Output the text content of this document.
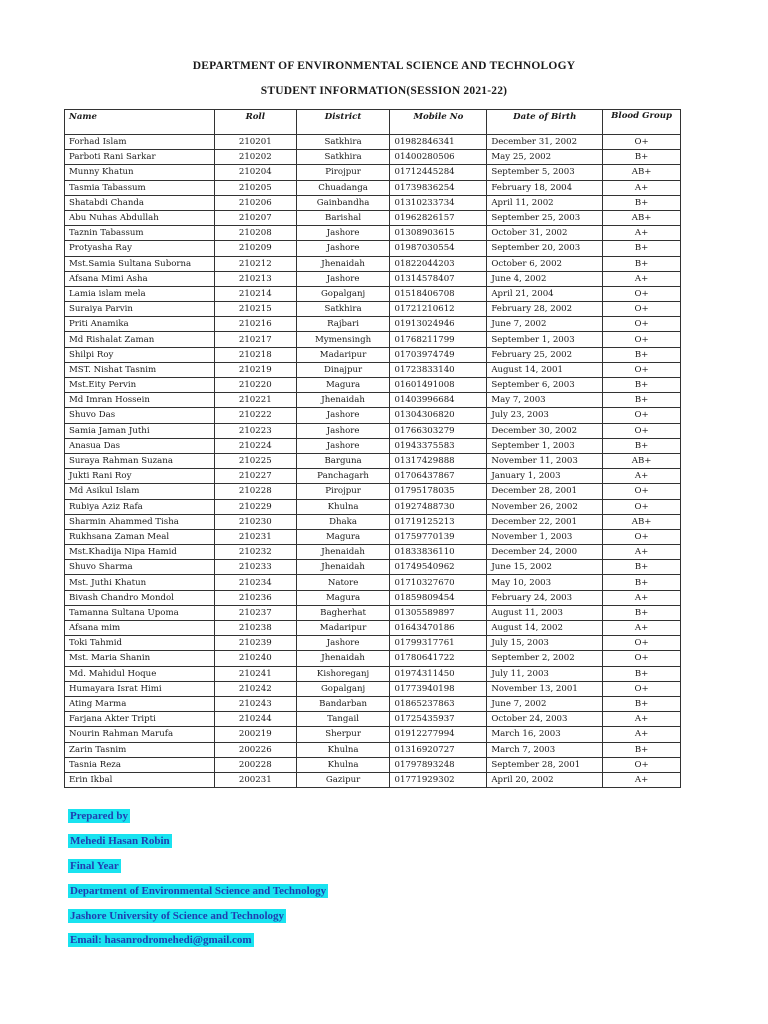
DEPARTMENT OF ENVIRONMENTAL SCIENCE AND TECHNOLOGY
STUDENT INFORMATION(SESSION 2021-22)
Name	Roll	District	Mobile No	Date of Birth	Blood Group
Forhad Islam	210201	Satkhira	01982846341	December 31, 2002	O+
Parboti Rani Sarkar	210202	Satkhira	01400280506	May 25, 2002	B+
Munny Khatun	210204	Pirojpur	01712445284	September 5, 2003	AB+
Tasmia Tabassum	210205	Chuadanga	01739836254	February 18, 2004	A+
Shatabdi Chanda	210206	Gainbandha	01310233734	April 11, 2002	B+
Abu Nuhas Abdullah	210207	Barishal	01962826157	September 25, 2003	AB+
Taznin Tabassum	210208	Jashore	01308903615	October 31, 2002	A+
Protyasha Ray	210209	Jashore	01987030554	September 20, 2003	B+
Mst.Samia Sultana Suborna	210212	Jhenaidah	01822044203	October 6, 2002	B+
Afsana Mimi Asha	210213	Jashore	01314578407	June 4, 2002	A+
Lamia islam mela	210214	Gopalganj	01518406708	April 21, 2004	O+
Suraiya Parvin	210215	Satkhira	01721210612	February 28, 2002	O+
Priti Anamika	210216	Rajbari	01913024946	June 7, 2002	O+
Md Rishalat Zaman	210217	Mymensingh	01768211799	September 1, 2003	O+
Shilpi Roy	210218	Madaripur	01703974749	February 25, 2002	B+
MST. Nishat Tasnim	210219	Dinajpur	01723833140	August 14, 2001	O+
Mst.Eity Pervin	210220	Magura	01601491008	September 6, 2003	B+
Md Imran Hossein	210221	Jhenaidah	01403996684	May 7, 2003	B+
Shuvo Das	210222	Jashore	01304306820	July 23, 2003	O+
Samia Jaman Juthi	210223	Jashore	01766303279	December 30, 2002	O+
Anasua Das	210224	Jashore	01943375583	September 1, 2003	B+
Suraya Rahman Suzana	210225	Barguna	01317429888	November 11, 2003	AB+
Jukti Rani Roy	210227	Panchagarh	01706437867	January 1, 2003	A+
Md Asikul Islam	210228	Pirojpur	01795178035	December 28, 2001	O+
Rubiya Aziz Rafa	210229	Khulna	01927488730	November 26, 2002	O+
Sharmin Ahammed Tisha	210230	Dhaka	01719125213	December 22, 2001	AB+
Rukhsana Zaman Meal	210231	Magura	01759770139	November 1, 2003	O+
Mst.Khadija Nipa Hamid	210232	Jhenaidah	01833836110	December 24, 2000	A+
Shuvo Sharma	210233	Jhenaidah	01749540962	June 15, 2002	B+
Mst. Juthi Khatun	210234	Natore	01710327670	May 10, 2003	B+
Bivash Chandro Mondol	210236	Magura	01859809454	February 24, 2003	A+
Tamanna Sultana Upoma	210237	Bagherhat	01305589897	August 11, 2003	B+
Afsana mim	210238	Madaripur	01643470186	August 14, 2002	A+
Toki Tahmid	210239	Jashore	01799317761	July 15, 2003	O+
Mst. Maria Shanin	210240	Jhenaidah	01780641722	September 2, 2002	O+
Md. Mahidul Hoque	210241	Kishoreganj	01974311450	July 11, 2003	B+
Humayara Israt Himi	210242	Gopalganj	01773940198	November 13, 2001	O+
Ating Marma	210243	Bandarban	01865237863	June 7, 2002	B+
Farjana Akter Tripti	210244	Tangail	01725435937	October 24, 2003	A+
Nourin Rahman Marufa	200219	Sherpur	01912277994	March 16, 2003	A+
Zarin Tasnim	200226	Khulna	01316920727	March 7, 2003	B+
Tasnia Reza	200228	Khulna	01797893248	September 28, 2001	O+
Erin Ikbal	200231	Gazipur	01771929302	April 20, 2002	A+
Prepared by
Mehedi Hasan Robin
Final Year
Department of Environmental Science and Technology
Jashore University of Science and Technology
Email: hasanrodromehedi@gmail.com
